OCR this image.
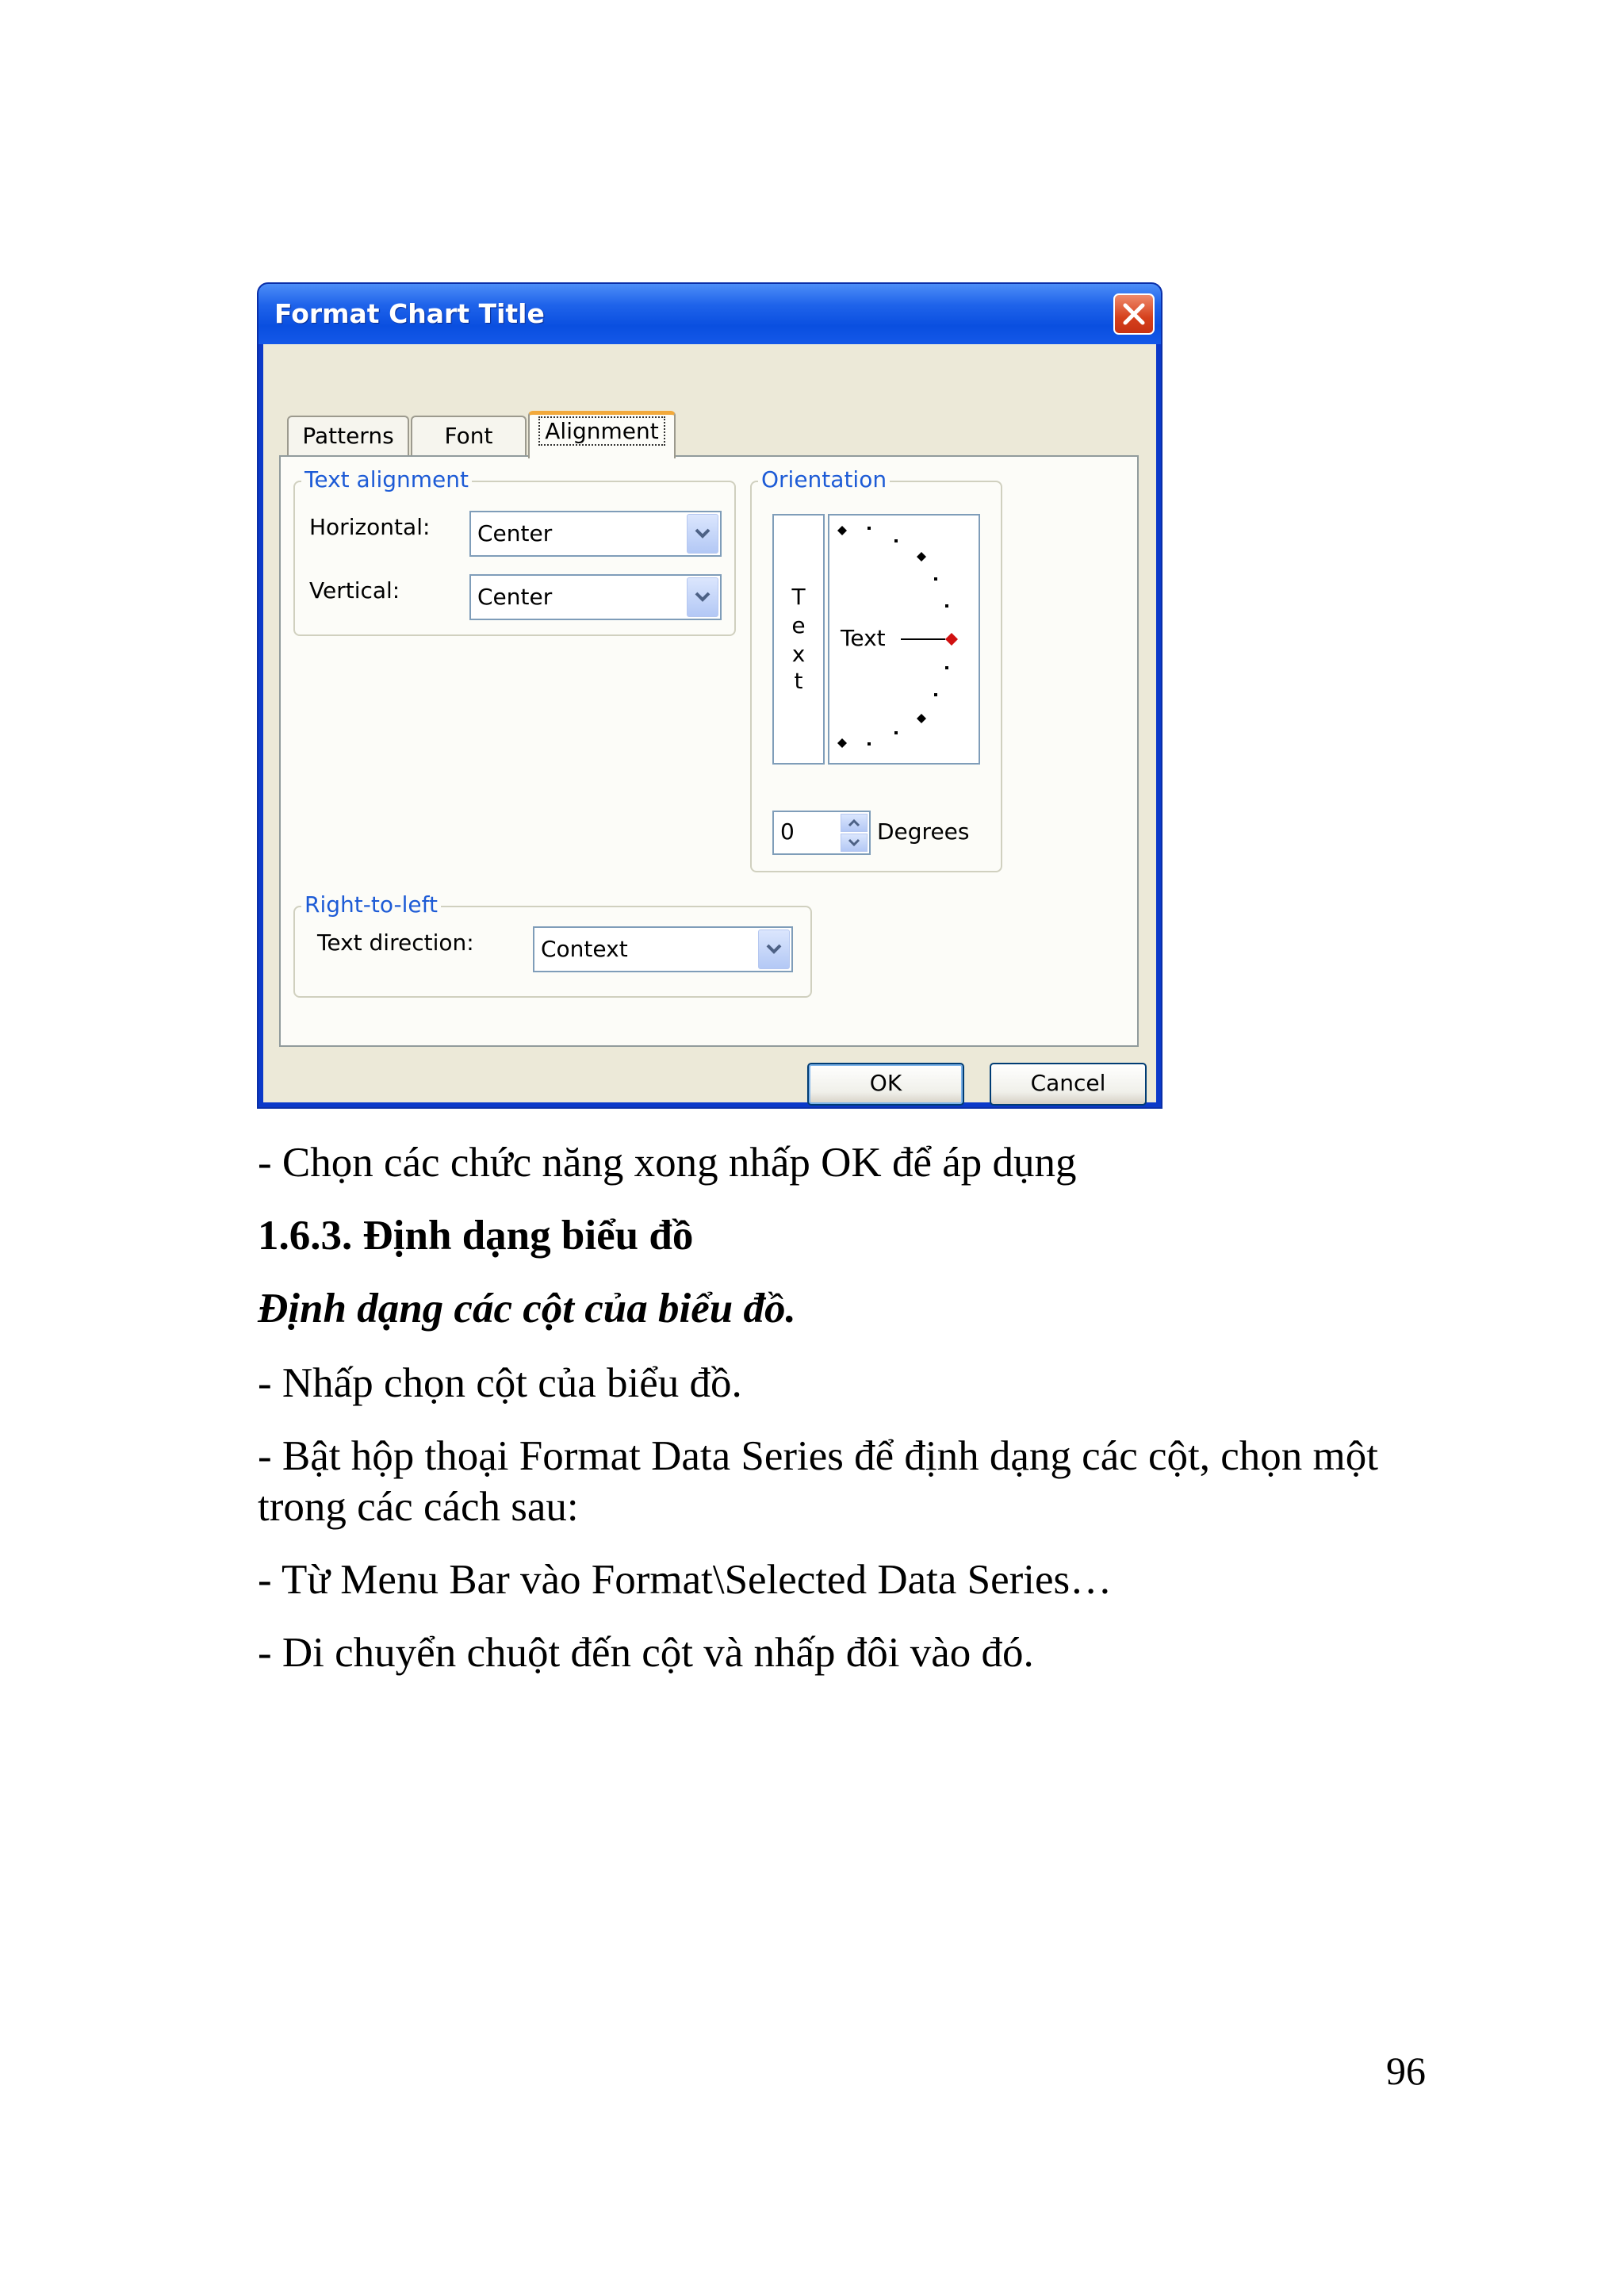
Format Chart Title
Patterns	Font	Alignment
Text alignment
Horizontal: Center
Vertical:	Center
Orientation
T
e
x
t
Text
0	Degrees
Right-to-left
Text direction:	Context
OK	Cancel
- Chọn các chức năng xong nhấp OK để áp dụng
1.6.3. Định dạng biểu đồ
Định dạng các cột của biểu đồ.
- Nhấp chọn cột của biểu đồ.
- Bật hộp thoại Format Data Series để định dạng các cột, chọn một
trong các cách sau:
- Từ Menu Bar vào Format\Selected Data Series…
- Di chuyển chuột đến cột và nhấp đôi vào đó.
96
